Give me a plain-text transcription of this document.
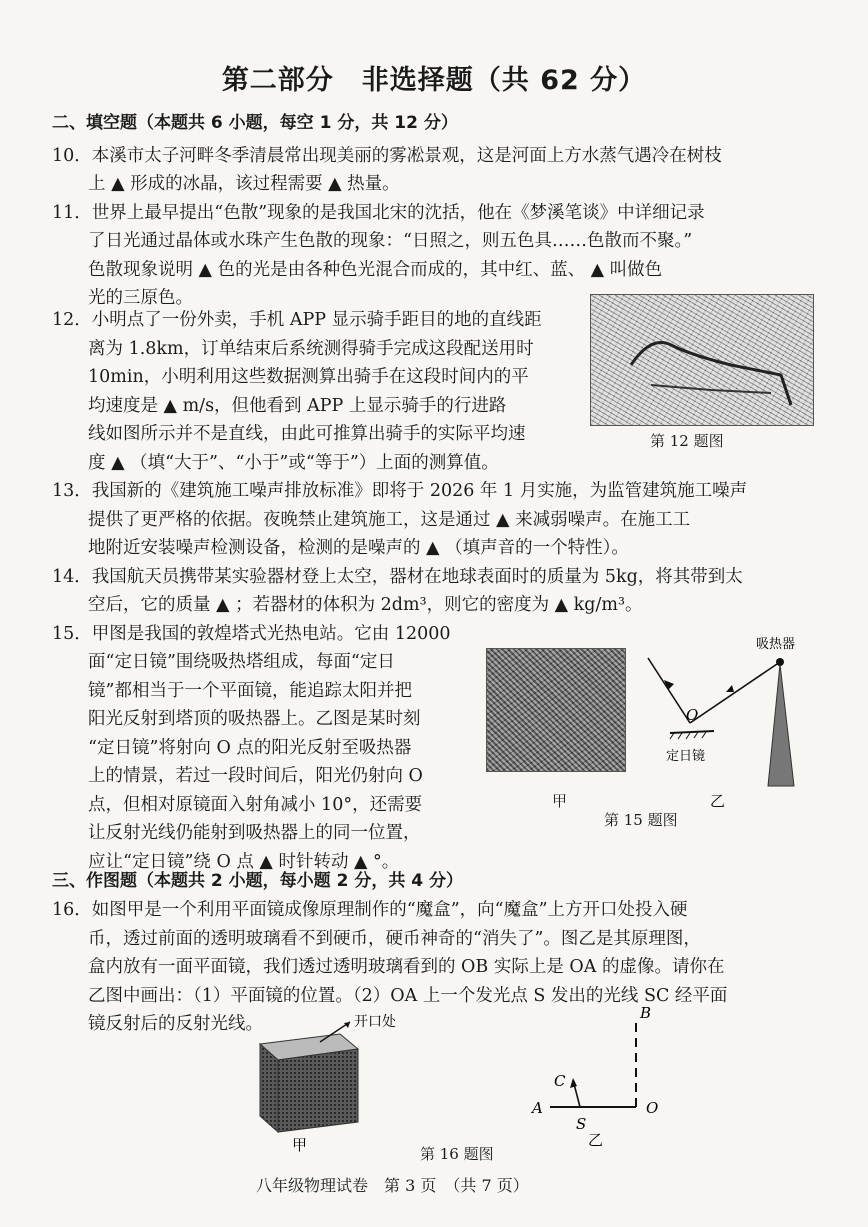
第二部分　非选择题（共 62 分）
二、填空题（本题共 6 小题，每空 1 分，共 12 分）
10．本溪市太子河畔冬季清晨常出现美丽的雾凇景观，这是河面上方水蒸气遇冷在树枝
上 ▲ 形成的冰晶，该过程需要 ▲ 热量。
11．世界上最早提出“色散”现象的是我国北宋的沈括，他在《梦溪笔谈》中详细记录
了日光通过晶体或水珠产生色散的现象：“日照之，则五色具……色散而不聚。”
色散现象说明 ▲ 色的光是由各种色光混合而成的，其中红、蓝、 ▲ 叫做色
光的三原色。
12．小明点了一份外卖，手机 APP 显示骑手距目的地的直线距
离为 1.8km，订单结束后系统测得骑手完成这段配送用时
10min，小明利用这些数据测算出骑手在这段时间内的平
均速度是 ▲ m/s，但他看到 APP 上显示骑手的行进路
线如图所示并不是直线，由此可推算出骑手的实际平均速
度 ▲ （填“大于”、“小于”或“等于”）上面的测算值。
第 12 题图
13．我国新的《建筑施工噪声排放标准》即将于 2026 年 1 月实施，为监管建筑施工噪声
提供了更严格的依据。夜晚禁止建筑施工，这是通过 ▲ 来减弱噪声。在施工工
地附近安装噪声检测设备，检测的是噪声的 ▲ （填声音的一个特性）。
14．我国航天员携带某实验器材登上太空，器材在地球表面时的质量为 5kg，将其带到太
空后，它的质量 ▲ ；若器材的体积为 2dm³，则它的密度为 ▲ kg/m³。
15．甲图是我国的敦煌塔式光热电站。它由 12000
面“定日镜”围绕吸热塔组成，每面“定日
镜”都相当于一个平面镜，能追踪太阳并把
阳光反射到塔顶的吸热器上。乙图是某时刻
“定日镜”将射向 O 点的阳光反射至吸热器
上的情景，若过一段时间后，阳光仍射向 O
点，但相对原镜面入射角减小 10°，还需要
让反射光线仍能射到吸热器上的同一位置，
应让“定日镜”绕 O 点 ▲ 时针转动 ▲ °。
甲
O
定日镜
吸热器
乙
第 15 题图
三、作图题（本题共 2 小题，每小题 2 分，共 4 分）
16．如图甲是一个利用平面镜成像原理制作的“魔盒”，向“魔盒”上方开口处投入硬
币，透过前面的透明玻璃看不到硬币，硬币神奇的“消失了”。图乙是其原理图，
盒内放有一面平面镜，我们透过透明玻璃看到的 OB 实际上是 OA 的虚像。请你在
乙图中画出：（1）平面镜的位置。（2）OA 上一个发光点 S 发出的光线 SC 经平面
镜反射后的反射光线。	开口处
甲
B
C
A
S
O
乙
第 16 题图
八年级物理试卷　第 3 页　（共 7 页）
